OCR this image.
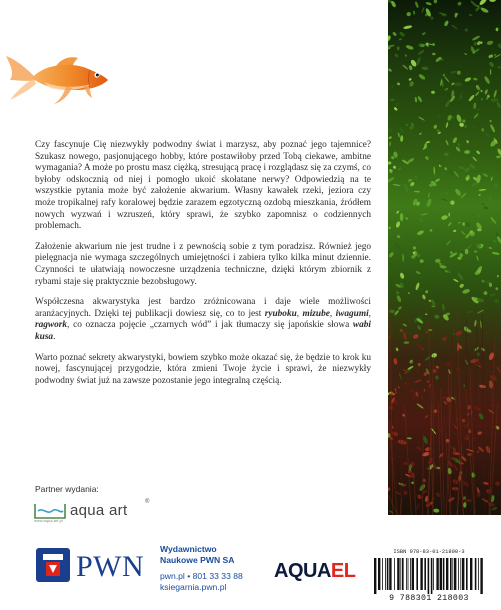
Czy fascynuje Cię niezwykły podwodny świat i marzysz, aby poznać jego tajemnice? Szukasz nowego, pasjonującego hobby, które postawiłoby przed Tobą ciekawe, ambitne wymagania? A może po prostu masz ciężką, stresującą pracę i rozglądasz się za czymś, co byłoby odskocznią od niej i pomogło ukoić skołatane nerwy? Odpowiedzią na te wszystkie pytania może być założenie akwarium. Własny kawałek rzeki, jeziora czy może tropikalnej rafy koralowej będzie zarazem egzotyczną ozdobą mieszkania, źródłem nowych wyzwań i wzruszeń, który sprawi, że szybko zapomnisz o codziennych problemach.

Założenie akwarium nie jest trudne i z pewnością sobie z tym poradzisz. Również jego pielęgnacja nie wymaga szczególnych umiejętności i zabiera tylko kilka minut dziennie. Czynności te ułatwiają nowoczesne urządzenia techniczne, dzięki którym zbiornik z rybami staje się praktycznie bezobsługowy.

Współczesna akwarystyka jest bardzo zróżnicowana i daje wiele możliwości aranżacyjnych. Dzięki tej publikacji dowiesz się, co to jest ryuboku, mizube, iwagumi, ragwork, co oznacza pojęcie „czarnych wód” i jak tłumaczy się japońskie słowa wabi kusa.

Warto poznać sekrety akwarystyki, bowiem szybko może okazać się, że będzie to krok ku nowej, fascynującej przygodzie, która zmieni Twoje życie i sprawi, że niezwykły podwodny świat już na zawsze pozostanie jego integralną częścią.

Partner wydania:
aqua art	®
www.aqua-art.pl
PWN
Wydawnictwo
Naukowe PWN SA
pwn.pl • 801 33 33 88
ksiegarnia.pwn.pl
AQUAEL
ISBN 978-83-01-21800-3
9 788301 218003
